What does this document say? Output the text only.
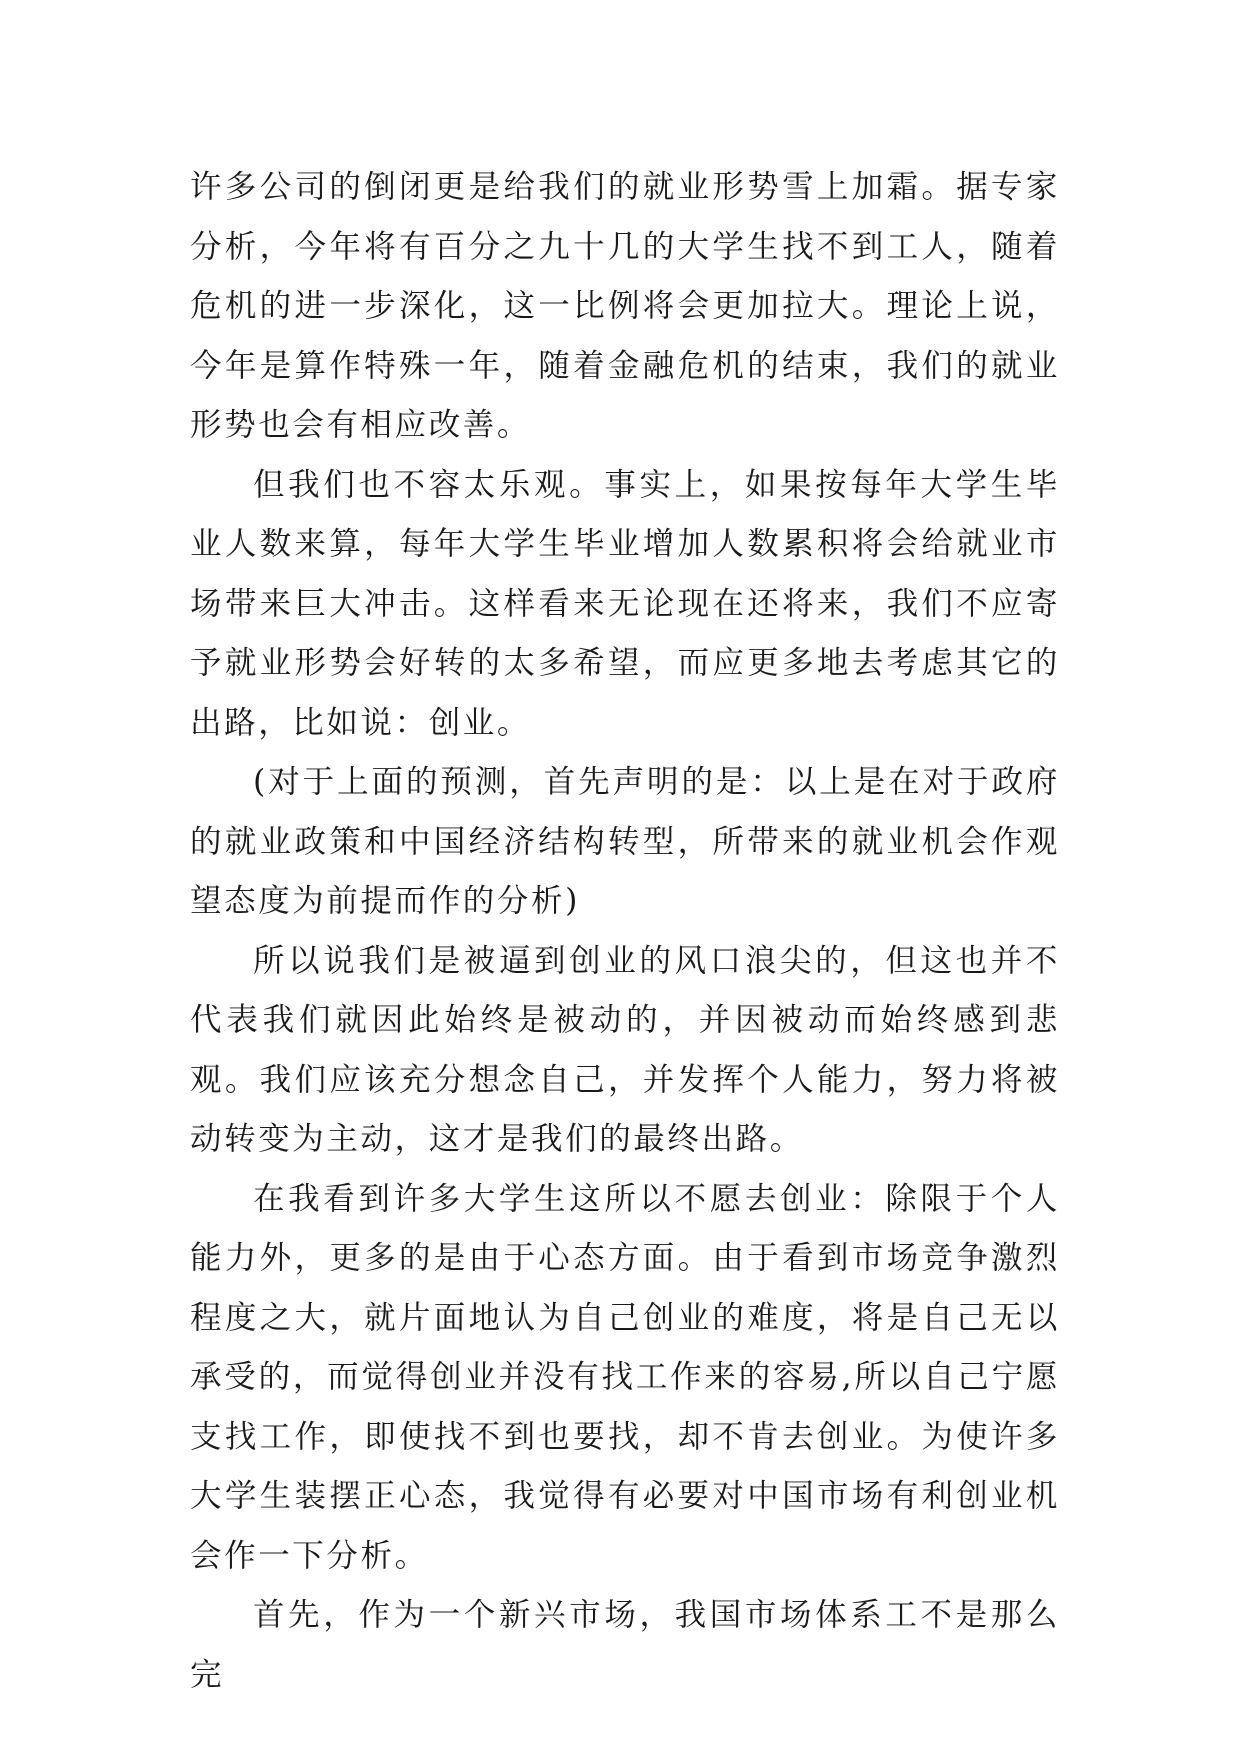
许多公司的倒闭更是给我们的就业形势雪上加霜。据专家分析，今年将有百分之九十几的大学生找不到工人，随着危机的进一步深化，这一比例将会更加拉大。理论上说，今年是算作特殊一年，随着金融危机的结束，我们的就业形势也会有相应改善。

但我们也不容太乐观。事实上，如果按每年大学生毕业人数来算，每年大学生毕业增加人数累积将会给就业市场带来巨大冲击。这样看来无论现在还将来，我们不应寄予就业形势会好转的太多希望，而应更多地去考虑其它的出路，比如说：创业。

(对于上面的预测，首先声明的是：以上是在对于政府的就业政策和中国经济结构转型，所带来的就业机会作观望态度为前提而作的分析)

所以说我们是被逼到创业的风口浪尖的，但这也并不代表我们就因此始终是被动的，并因被动而始终感到悲观。我们应该充分想念自己，并发挥个人能力，努力将被动转变为主动，这才是我们的最终出路。

在我看到许多大学生这所以不愿去创业：除限于个人能力外，更多的是由于心态方面。由于看到市场竞争激烈程度之大，就片面地认为自己创业的难度，将是自己无以承受的，而觉得创业并没有找工作来的容易,所以自己宁愿支找工作，即使找不到也要找，却不肯去创业。为使许多大学生装摆正心态，我觉得有必要对中国市场有利创业机会作一下分析。

首先，作为一个新兴市场，我国市场体系工不是那么完
